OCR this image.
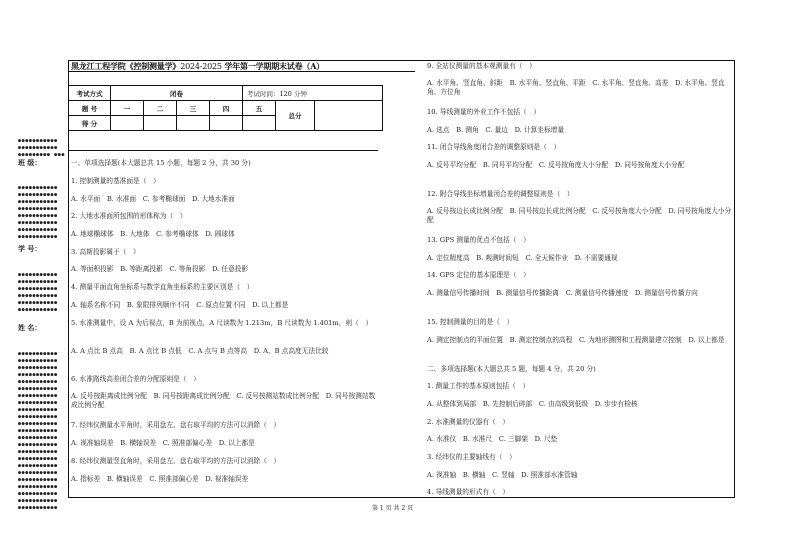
●●●●●●●●●●●
●●●●●●●●●●●
●●●●●●●●● ●●●
班 级：
●●●●●●●●●●●
●●●●●●●●●●●
●●●●●●●●●●●
●●●●●●●●●●●
●●●●●●●●●●●
●●●●●●●●●●●
●●●●●●●●●●●
●●●●●●●●●●●
学 号：
●●●●●●●●●●●
●●●●●●●●●●●
●●●●●●●●●●●
●●●●●●●●●●●
●●●●●●●●●●●
●●●●●●●●●●●
姓 名：
●●●●●●●●●●●
●●●●●●●●●●●
●●●●●●●●●●●
●●●●●●●●●●●
●●●●●●●●●●●
●●●●●●●●●●●
●●●●●●●●●●●
●●●●●●●●●●●
●●●●●●●●●●●
●●●●●●●●●●●
●●●●●●●●●●●
●●●●●●●●●●●
●●●●●●●●●●●
●●●●●●●●●●●
●●●●●●●●●●●
●●●●●●●●●●●
●●●●●●●●●●●
●●●●●●●●●●●
●●●●●●●●●●●
●●●●●●●●●●●
●●●●●●●●●●●
●●●●●●●●●●●
●●●●●●●●●●●
黑龙江工程学院《控制测量学》2024-2025 学年第一学期期末试卷（A）
考试方式	闭卷				考试时间：120 分钟		
题 号	一	二	三	四	五	总分	
得 分							

一、单项选择题(本大题总共 15 小题，每题 2 分，共 30 分)

1. 控制测量的基准面是（　）

A. 水平面　B. 水准面　C. 参考椭球面　D. 大地水准面

2. 大地水准面所包围的形体称为（　）

A. 地球椭球体　B. 大地体　C. 参考椭球体　D. 圆球体

3. 高斯投影属于（　）

A. 等面积投影　B. 等距离投影　C. 等角投影　D. 任意投影

4. 测量平面直角坐标系与数学直角坐标系的主要区别是（　）

A. 轴系名称不同　B. 象限排列顺序不同　C. 原点位置不同　D. 以上都是

5. 水准测量中，设 A 为后视点，B 为前视点，A 尺读数为 1.213m，B 尺读数为 1.401m，则（　）

A. A 点比 B 点高　B. A 点比 B 点低　C. A 点与 B 点等高　D. A、B 点高度无法比较

6. 水准路线高差闭合差的分配原则是（　）

A. 反号按距离成比例分配　B. 同号按距离成比例分配　C. 反号按测站数成比例分配　D. 同号按测站数成比例分配

7. 经纬仪测量水平角时，采用盘左、盘右取平均的方法可以消除（　）

A. 视准轴误差　B. 横轴误差　C. 照准部偏心差　D. 以上都是

8. 经纬仪测量竖直角时，采用盘左、盘右取平均的方法可以消除（　）

A. 指标差　B. 横轴误差　C. 照准部偏心差　D. 视准轴误差

9. 全站仪测量的基本观测量有（　）

A. 水平角、竖直角、斜距　B. 水平角、竖直角、平距　C. 水平角、竖直角、高差　D. 水平角、竖直角、方位角

10. 导线测量的外业工作不包括（　）

A. 选点　B. 测角　C. 量边　D. 计算坐标增量

11. 闭合导线角度闭合差的调整原则是（　）

A. 反号平均分配　B. 同号平均分配　C. 反号按角度大小分配　D. 同号按角度大小分配

12. 附合导线坐标增量闭合差的调整原则是（　）

A. 反号按边长成比例分配　B. 同号按边长成比例分配　C. 反号按角度大小分配　D. 同号按角度大小分配

13. GPS 测量的优点不包括（　）

A. 定位精度高　B. 观测时间短　C. 全天候作业　D. 不需要通视

14. GPS 定位的基本原理是（　）

A. 测量信号传播时间　B. 测量信号传播距离　C. 测量信号传播速度　D. 测量信号传播方向

15. 控制测量的目的是（　）

A. 测定控制点的平面位置　B. 测定控制点的高程　C. 为地形测图和工程测量建立控制　D. 以上都是

二、多项选择题(本大题总共 5 题，每题 4 分，共 20 分)

1. 测量工作的基本原则包括（　）

A. 从整体到局部　B. 先控制后碎部　C. 由高级到低级　D. 步步有检核

2. 水准测量的仪器有（　）

A. 水准仪　B. 水准尺　C. 三脚架　D. 尺垫

3. 经纬仪的主要轴线有（　）

A. 视准轴　B. 横轴　C. 竖轴　D. 照准部水准管轴

4. 导线测量的形式有（　）

第 1 页 共 2 页
